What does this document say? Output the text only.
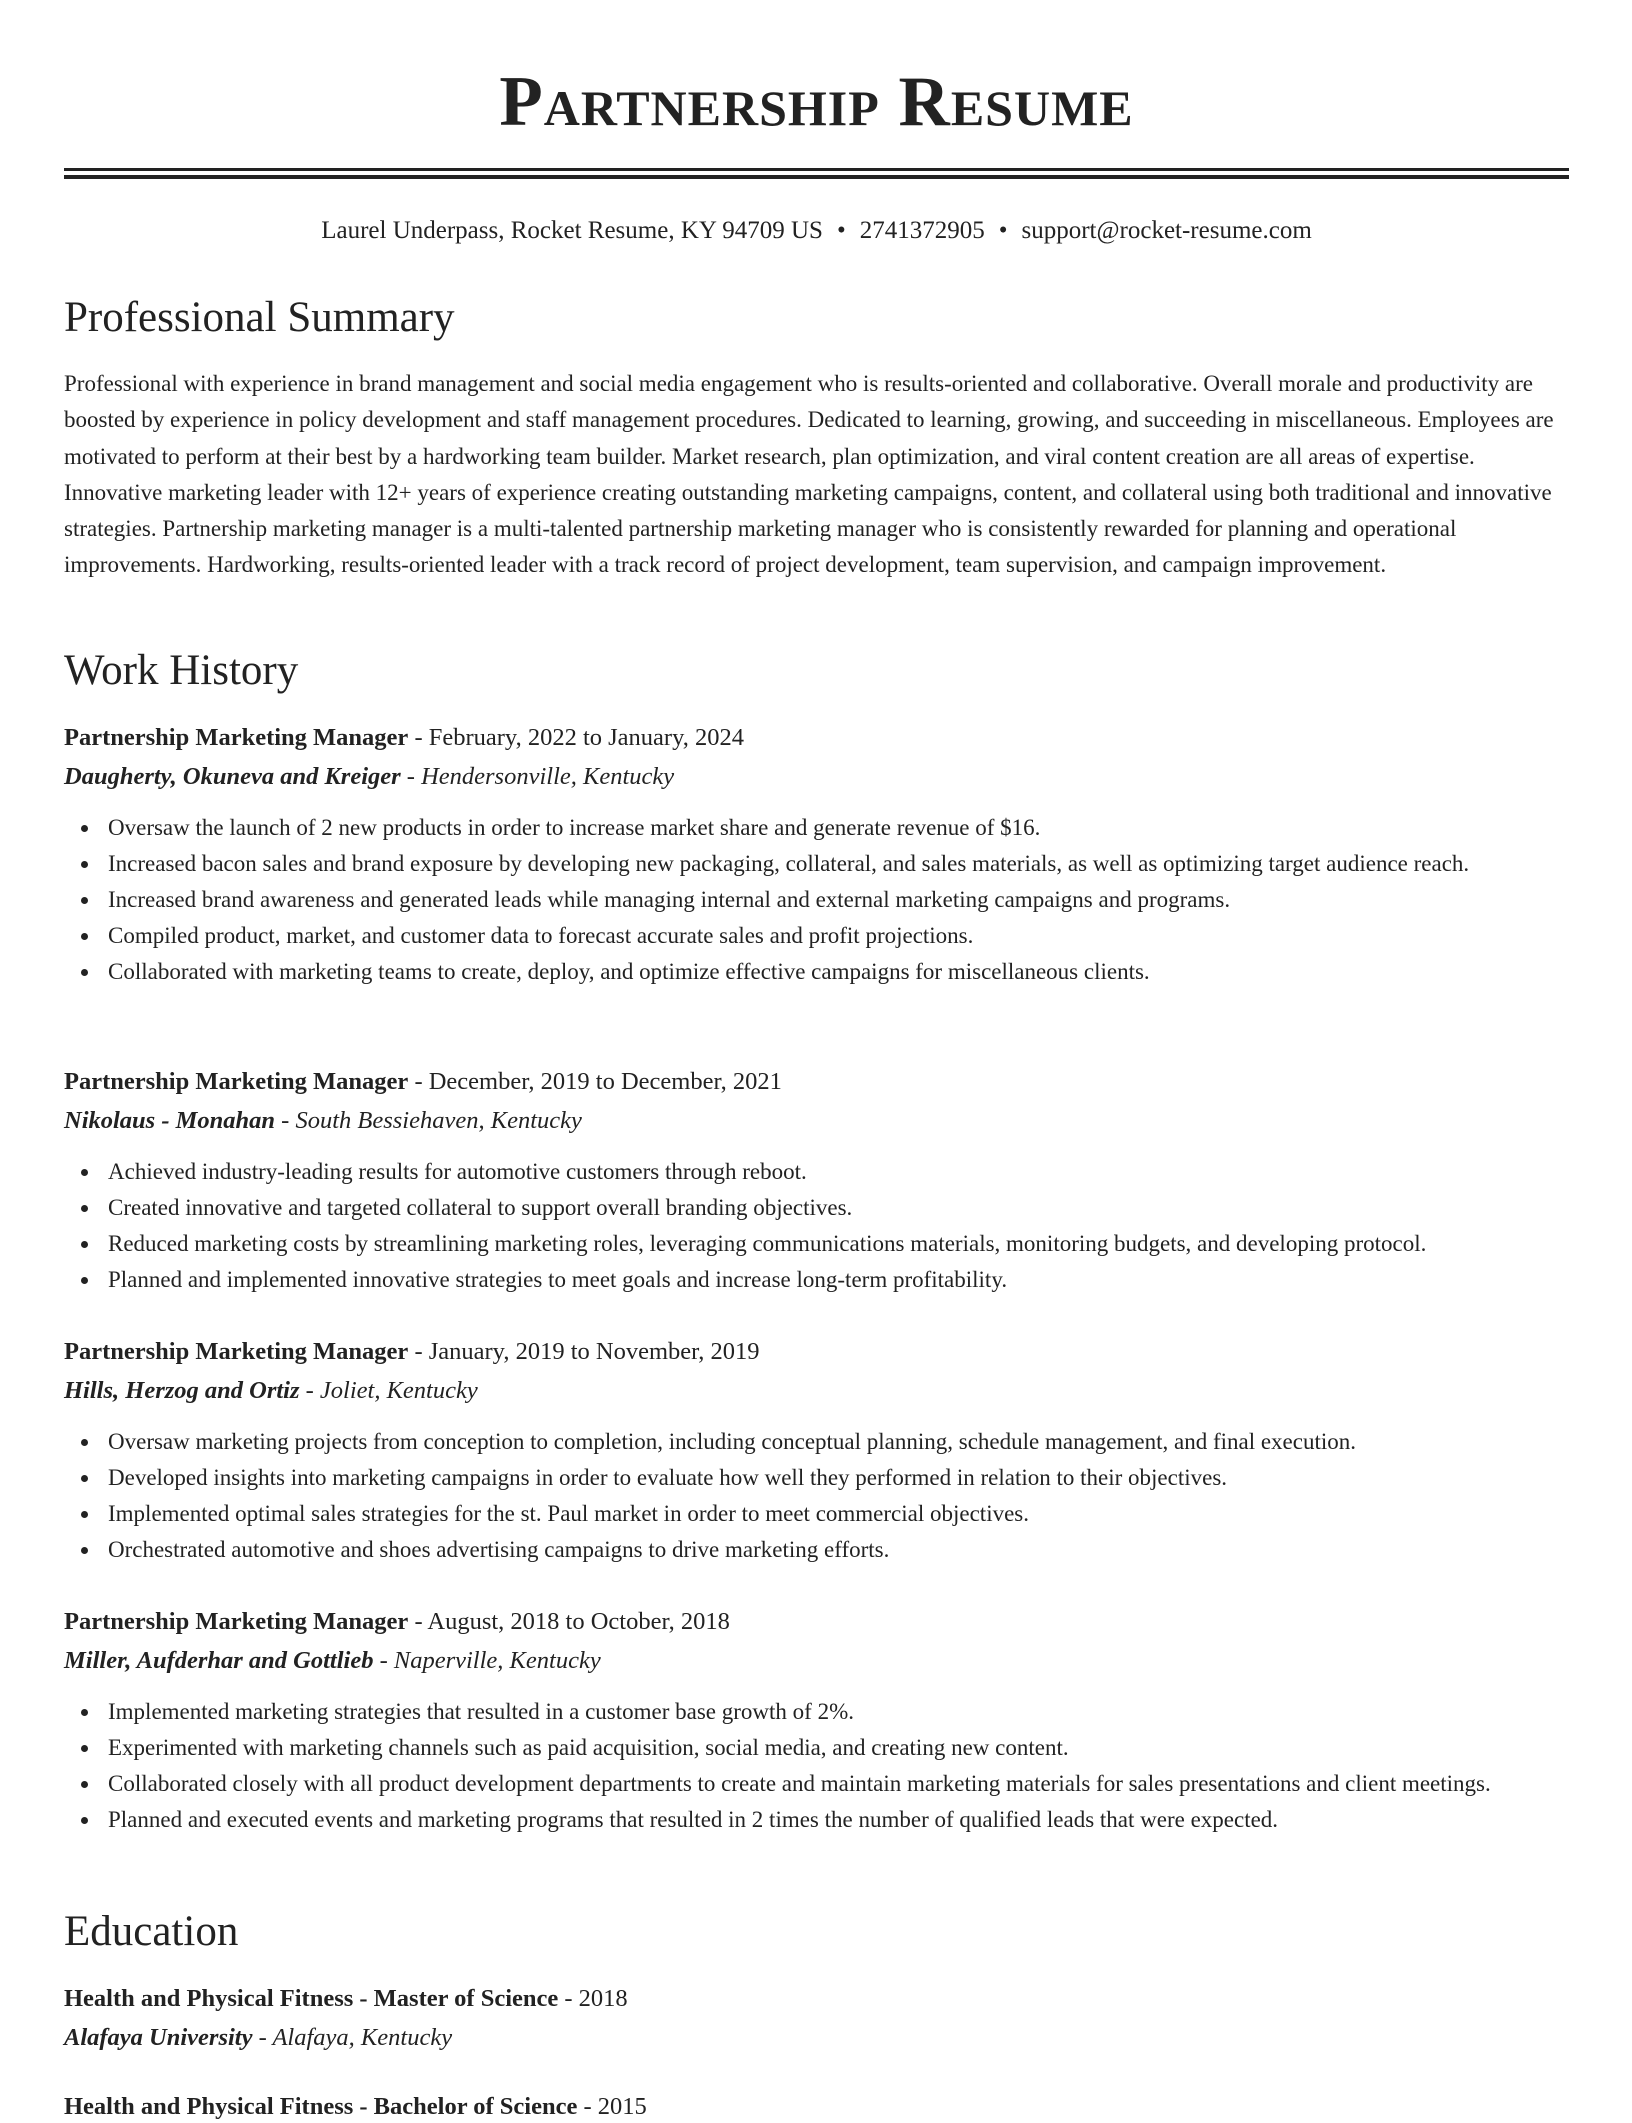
Partnership Resume
Laurel Underpass, Rocket Resume, KY 94709 US • 2741372905 • support@rocket-resume.com
Professional Summary

Professional with experience in brand management and social media engagement who is results-oriented and collaborative. Overall morale and productivity are boosted by experience in policy development and staff management procedures. Dedicated to learning, growing, and succeeding in miscellaneous. Employees are motivated to perform at their best by a hardworking team builder. Market research, plan optimization, and viral content creation are all areas of expertise. Innovative marketing leader with 12+ years of experience creating outstanding marketing campaigns, content, and collateral using both traditional and innovative strategies. Partnership marketing manager is a multi-talented partnership marketing manager who is consistently rewarded for planning and operational improvements. Hardworking, results-oriented leader with a track record of project development, team supervision, and campaign improvement.

Work History

Partnership Marketing Manager - February, 2022 to January, 2024

Daugherty, Okuneva and Kreiger - Hendersonville, Kentucky

Oversaw the launch of 2 new products in order to increase market share and generate revenue of $16.
Increased bacon sales and brand exposure by developing new packaging, collateral, and sales materials, as well as optimizing target audience reach.
Increased brand awareness and generated leads while managing internal and external marketing campaigns and programs.
Compiled product, market, and customer data to forecast accurate sales and profit projections.
Collaborated with marketing teams to create, deploy, and optimize effective campaigns for miscellaneous clients.

Partnership Marketing Manager - December, 2019 to December, 2021

Nikolaus - Monahan - South Bessiehaven, Kentucky

Achieved industry-leading results for automotive customers through reboot.
Created innovative and targeted collateral to support overall branding objectives.
Reduced marketing costs by streamlining marketing roles, leveraging communications materials, monitoring budgets, and developing protocol.
Planned and implemented innovative strategies to meet goals and increase long-term profitability.

Partnership Marketing Manager - January, 2019 to November, 2019

Hills, Herzog and Ortiz - Joliet, Kentucky

Oversaw marketing projects from conception to completion, including conceptual planning, schedule management, and final execution.
Developed insights into marketing campaigns in order to evaluate how well they performed in relation to their objectives.
Implemented optimal sales strategies for the st. Paul market in order to meet commercial objectives.
Orchestrated automotive and shoes advertising campaigns to drive marketing efforts.

Partnership Marketing Manager - August, 2018 to October, 2018

Miller, Aufderhar and Gottlieb - Naperville, Kentucky

Implemented marketing strategies that resulted in a customer base growth of 2%.
Experimented with marketing channels such as paid acquisition, social media, and creating new content.
Collaborated closely with all product development departments to create and maintain marketing materials for sales presentations and client meetings.
Planned and executed events and marketing programs that resulted in 2 times the number of qualified leads that were expected.
Education

Health and Physical Fitness - Master of Science - 2018

Alafaya University - Alafaya, Kentucky

Health and Physical Fitness - Bachelor of Science - 2015
